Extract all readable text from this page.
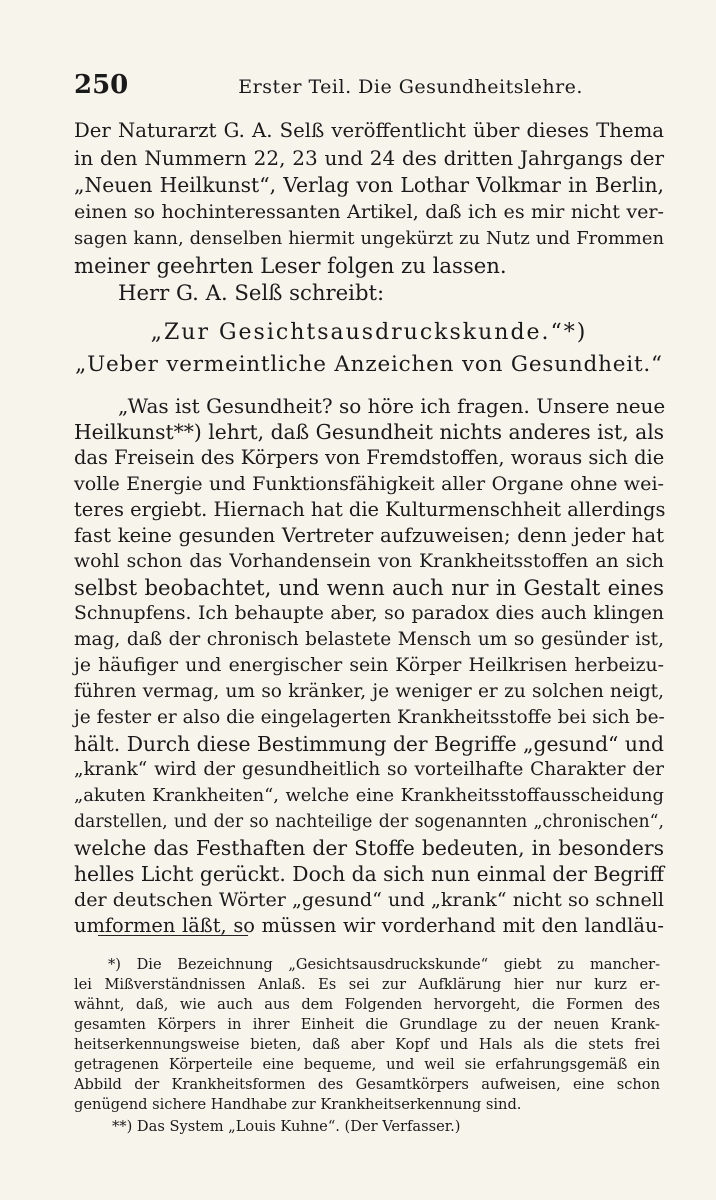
250	Erster Teil. Die Gesundheitslehre.
Der Naturarzt G. A. Selß veröffentlicht über dieses Thema
in den Nummern 22, 23 und 24 des dritten Jahrgangs der
„Neuen Heilkunst“, Verlag von Lothar Volkmar in Berlin,
einen so hochinteressanten Artikel, daß ich es mir nicht ver-
sagen kann, denselben hiermit ungekürzt zu Nutz und Frommen
meiner geehrten Leser folgen zu lassen.
Herr G. A. Selß schreibt:
„Zur Gesichtsausdruckskunde.“*)
„Ueber vermeintliche Anzeichen von Gesundheit.“
„Was ist Gesundheit? so höre ich fragen. Unsere neue
Heilkunst**) lehrt, daß Gesundheit nichts anderes ist, als
das Freisein des Körpers von Fremdstoffen, woraus sich die
volle Energie und Funktionsfähigkeit aller Organe ohne wei-
teres ergiebt. Hiernach hat die Kulturmenschheit allerdings
fast keine gesunden Vertreter aufzuweisen; denn jeder hat
wohl schon das Vorhandensein von Krankheitsstoffen an sich
selbst beobachtet, und wenn auch nur in Gestalt eines
Schnupfens. Ich behaupte aber, so paradox dies auch klingen
mag, daß der chronisch belastete Mensch um so gesünder ist,
je häufiger und energischer sein Körper Heilkrisen herbeizu-
führen vermag, um so kränker, je weniger er zu solchen neigt,
je fester er also die eingelagerten Krankheitsstoffe bei sich be-
hält. Durch diese Bestimmung der Begriffe „gesund“ und
„krank“ wird der gesundheitlich so vorteilhafte Charakter der
„akuten Krankheiten“, welche eine Krankheitsstoffausscheidung
darstellen, und der so nachteilige der sogenannten „chronischen“,
welche das Festhaften der Stoffe bedeuten, in besonders
helles Licht gerückt. Doch da sich nun einmal der Begriff
der deutschen Wörter „gesund“ und „krank“ nicht so schnell
umformen läßt, so müssen wir vorderhand mit den landläu-
*) Die Bezeichnung „Gesichtsausdruckskunde“ giebt zu mancher-
lei Mißverständnissen Anlaß. Es sei zur Aufklärung hier nur kurz er-
wähnt, daß, wie auch aus dem Folgenden hervorgeht, die Formen des
gesamten Körpers in ihrer Einheit die Grundlage zu der neuen Krank-
heitserkennungsweise bieten, daß aber Kopf und Hals als die stets frei
getragenen Körperteile eine bequeme, und weil sie erfahrungsgemäß ein
Abbild der Krankheitsformen des Gesamtkörpers aufweisen, eine schon
genügend sichere Handhabe zur Krankheitserkennung sind.
**) Das System „Louis Kuhne“. (Der Verfasser.)
